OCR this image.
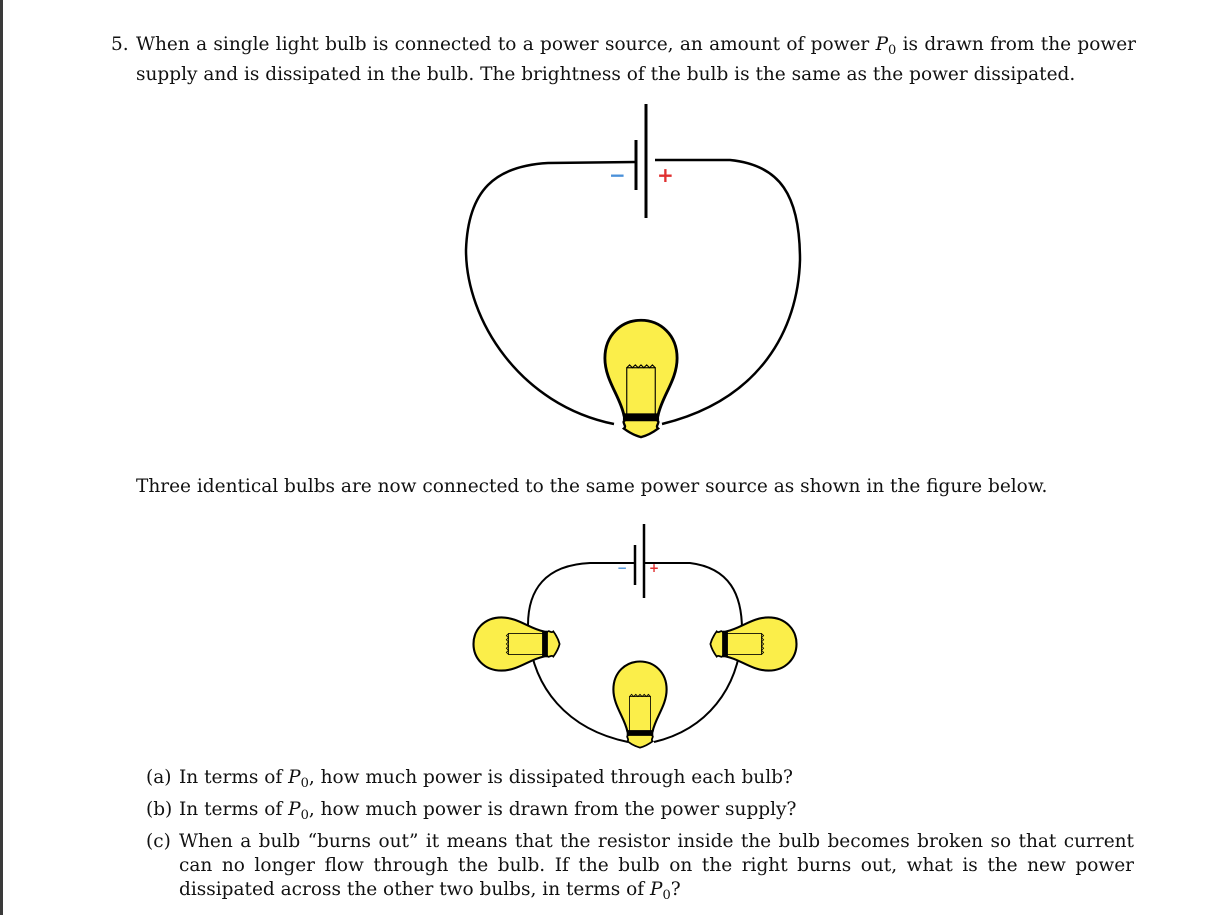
5. When a single light bulb is connected to a power source, an amount of power $P_0$ is drawn from the power supply and is dissipated in the bulb. The brightness of the bulb is the same as the power dissipated.

− +
− +

Three identical bulbs are now connected to the same power source as shown in the figure below.

(a) In terms of $P_0$, how much power is dissipated through each bulb?
(b) In terms of $P_0$, how much power is drawn from the power supply?
(c) When a bulb “burns out” it means that the resistor inside the bulb becomes broken so that current can no longer flow through the bulb. If the bulb on the right burns out, what is the new power dissipated across the other two bulbs, in terms of $P_0$?
